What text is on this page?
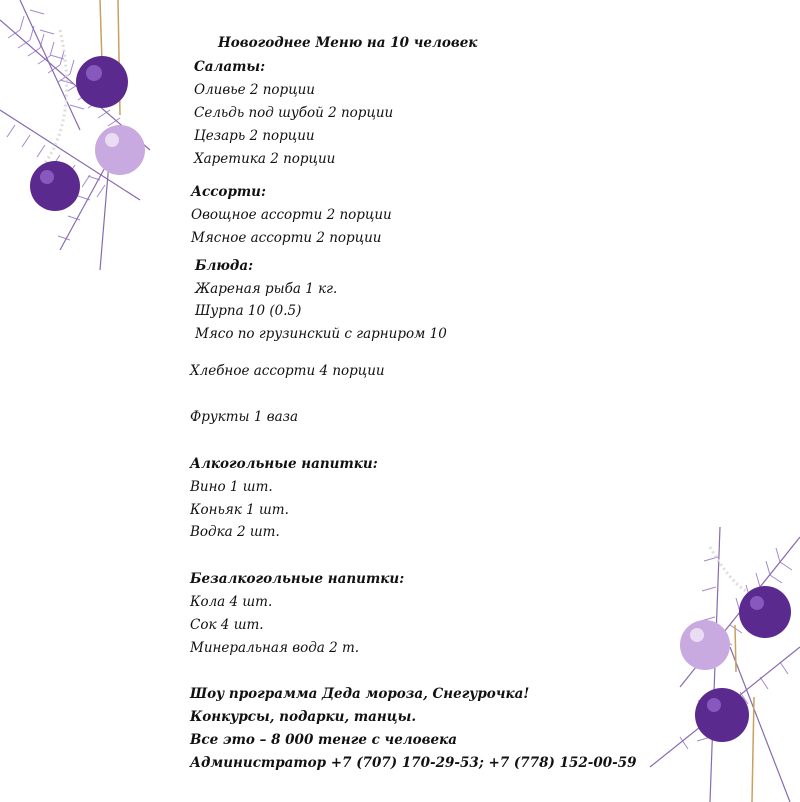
Новогоднее Меню на 10 человек
Салаты:
Оливье 2 порции
Сельдь под шубой 2 порции
Цезарь 2 порции
Харетика 2 порции
Ассорти:
Овощное ассорти 2 порции
Мясное ассорти 2 порции
Блюда:
Жареная рыба 1 кг.
Шурпа 10 (0.5)
Мясо по грузинский с гарниром 10
Хлебное ассорти 4 порции
Фрукты 1 ваза
Алкогольные напитки:
Вино 1 шт.
Коньяк 1 шт.
Водка 2 шт.
Безалкогольные напитки:
Кола 4 шт.
Сок 4 шт.
Минеральная вода 2 т.
Шоу программа Деда мороза, Снегурочка!
Конкурсы, подарки, танцы.
Все это – 8 000 тенге с человека
Администратор +7 (707) 170-29-53; +7 (778) 152-00-59
